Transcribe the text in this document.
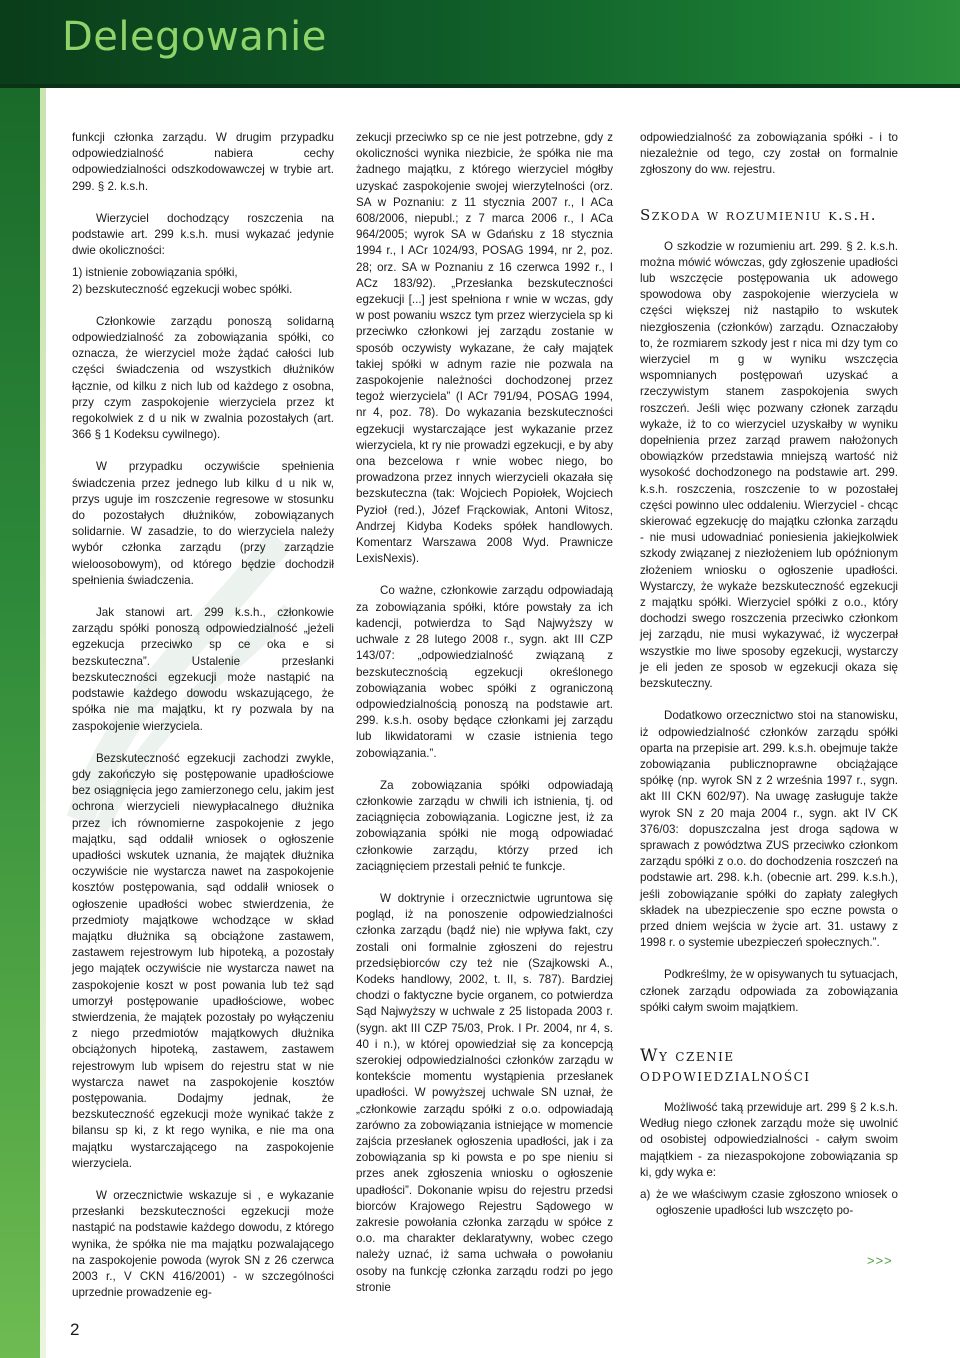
Delegowanie

funkcji członka zarządu. W drugim przypadku odpowiedzialność nabiera cechy odpowiedzialności odszkodowawczej w trybie art. 299. § 2. k.s.h.

Wierzyciel dochodzący roszczenia na podstawie art. 299 k.s.h. musi wykazać jedynie dwie okoliczności:

1) istnienie zobowiązania spółki,
2) bezskuteczność egzekucji wobec spółki.

Członkowie zarządu ponoszą solidarną odpowiedzialność za zobowiązania spółki, co oznacza, że wierzyciel może żądać całości lub części świadczenia od wszystkich dłużników łącznie, od kilku z nich lub od każdego z osobna, przy czym zaspokojenie wierzyciela przez kt regokolwiek z d u nik w zwalnia pozostałych (art. 366 § 1 Kodeksu cywilnego).

W przypadku oczywiście spełnienia świadczenia przez jednego lub kilku d u nik w, przys uguje im roszczenie regresowe w stosunku do pozostałych dłużników, zobowiązanych solidarnie. W zasadzie, to do wierzyciela należy wybór członka zarządu (przy zarządzie wieloosobowym), od którego będzie dochodził spełnienia świadczenia.

Jak stanowi art. 299 k.s.h., członkowie zarządu spółki ponoszą odpowiedzialność „jeżeli egzekucja przeciwko sp ce oka e si bezskuteczna”. Ustalenie przesłanki bezskuteczności egzekucji może nastąpić na podstawie każdego dowodu wskazującego, że spółka nie ma majątku, kt ry pozwala by na zaspokojenie wierzyciela.

Bezskuteczność egzekucji zachodzi zwykle, gdy zakończyło się postępowanie upadłościowe bez osiągnięcia jego zamierzonego celu, jakim jest ochrona wierzycieli niewypłacalnego dłużnika przez ich równomierne zaspokojenie z jego majątku, sąd oddalił wniosek o ogłoszenie upadłości wskutek uznania, że majątek dłużnika oczywiście nie wystarcza nawet na zaspokojenie kosztów postępowania, sąd oddalił wniosek o ogłoszenie upadłości wobec stwierdzenia, że przedmioty majątkowe wchodzące w skład majątku dłużnika są obciążone zastawem, zastawem rejestrowym lub hipoteką, a pozostały jego majątek oczywiście nie wystarcza nawet na zaspokojenie koszt w post powania lub też sąd umorzył postępowanie upadłościowe, wobec stwierdzenia, że majątek pozostały po wyłączeniu z niego przedmiotów majątkowych dłużnika obciążonych hipoteką, zastawem, zastawem rejestrowym lub wpisem do rejestru stat w nie wystarcza nawet na zaspokojenie kosztów postępowania. Dodajmy jednak, że bezskuteczność egzekucji może wynikać także z bilansu sp ki, z kt rego wynika, e nie ma ona majątku wystarczającego na zaspokojenie wierzyciela.

W orzecznictwie wskazuje si , e wykazanie przesłanki bezskuteczności egzekucji może nastąpić na podstawie każdego dowodu, z którego wynika, że spółka nie ma majątku pozwalającego na zaspokojenie powoda (wyrok SN z 26 czerwca 2003 r., V CKN 416/2001) - w szczególności uprzednie prowadzenie eg-

zekucji przeciwko sp ce nie jest potrzebne, gdy z okoliczności wynika niezbicie, że spółka nie ma żadnego majątku, z którego wierzyciel mógłby uzyskać zaspokojenie swojej wierzytelności (orz. SA w Poznaniu: z 11 stycznia 2007 r., I ACa 608/2006, niepubl.; z 7 marca 2006 r., I ACa 964/2005; wyrok SA w Gdańsku z 18 stycznia 1994 r., I ACr 1024/93, POSAG 1994, nr 2, poz. 28; orz. SA w Poznaniu z 16 czerwca 1992 r., I ACz 183/92). „Przesłanka bezskuteczności egzekucji [...] jest spełniona r wnie w wczas, gdy w post powaniu wszcz tym przez wierzyciela sp ki przeciwko członkowi jej zarządu zostanie w sposób oczywisty wykazane, że cały majątek takiej spółki w adnym razie nie pozwala na zaspokojenie należności dochodzonej przez tegoż wierzyciela” (I ACr 791/94, POSAG 1994, nr 4, poz. 78). Do wykazania bezskuteczności egzekucji wystarczające jest wykazanie przez wierzyciela, kt ry nie prowadzi egzekucji, e by aby ona bezcelowa r wnie wobec niego, bo prowadzona przez innych wierzycieli okazała się bezskuteczna (tak: Wojciech Popiołek, Wojciech Pyzioł (red.), Józef Frąckowiak, Antoni Witosz, Andrzej Kidyba Kodeks spółek handlowych. Komentarz Warszawa 2008 Wyd. Prawnicze LexisNexis).

Co ważne, członkowie zarządu odpowiadają za zobowiązania spółki, które powstały za ich kadencji, potwierdza to Sąd Najwyższy w uchwale z 28 lutego 2008 r., sygn. akt III CZP 143/07: „odpowiedzialność związaną z bezskutecznością egzekucji określonego zobowiązania wobec spółki z ograniczoną odpowiedzialnością ponoszą na podstawie art. 299. k.s.h. osoby będące członkami jej zarządu lub likwidatorami w czasie istnienia tego zobowiązania.”.

Za zobowiązania spółki odpowiadają członkowie zarządu w chwili ich istnienia, tj. od zaciągnięcia zobowiązania. Logiczne jest, iż za zobowiązania spółki nie mogą odpowiadać członkowie zarządu, którzy przed ich zaciągnięciem przestali pełnić te funkcje.

W doktrynie i orzecznictwie ugruntowa się pogląd, iż na ponoszenie odpowiedzialności członka zarządu (bądź nie) nie wpływa fakt, czy zostali oni formalnie zgłoszeni do rejestru przedsiębiorców czy też nie (Szajkowski A., Kodeks handlowy, 2002, t. II, s. 787). Bardziej chodzi o faktyczne bycie organem, co potwierdza Sąd Najwyższy w uchwale z 25 listopada 2003 r. (sygn. akt III CZP 75/03, Prok. I Pr. 2004, nr 4, s. 40 i n.), w której opowiedział się za koncepcją szerokiej odpowiedzialności członków zarządu w kontekście momentu wystąpienia przesłanek upadłości. W powyższej uchwale SN uznał, że „członkowie zarządu spółki z o.o. odpowiadają zarówno za zobowiązania istniejące w momencie zajścia przesłanek ogłoszenia upadłości, jak i za zobowiązania sp ki powsta e po spe nieniu si przes anek zgłoszenia wniosku o ogłoszenie upadłości”. Dokonanie wpisu do rejestru przedsi biorców Krajowego Rejestru Sądowego w zakresie powołania członka zarządu w spółce z o.o. ma charakter deklaratywny, wobec czego należy uznać, iż sama uchwała o powołaniu osoby na funkcję członka zarządu rodzi po jego stronie

odpowiedzialność za zobowiązania spółki - i to niezależnie od tego, czy został on formalnie zgłoszony do ww. rejestru.

Szkoda w rozumieniu k.s.h.

O szkodzie w rozumieniu art. 299. § 2. k.s.h. można mówić wówczas, gdy zgłoszenie upadłości lub wszczęcie postępowania uk adowego spowodowa oby zaspokojenie wierzyciela w części większej niż nastąpiło to wskutek niezgłoszenia (członków) zarządu. Oznaczałoby to, że rozmiarem szkody jest r nica mi dzy tym co wierzyciel m g w wyniku wszczęcia wspomnianych postępowań uzyskać a rzeczywistym stanem zaspokojenia swych roszczeń. Jeśli więc pozwany członek zarządu wykaże, iż to co wierzyciel uzyskałby w wyniku dopełnienia przez zarząd prawem nałożonych obowiązków przedstawia mniejszą wartość niż wysokość dochodzonego na podstawie art. 299. k.s.h. roszczenia, roszczenie to w pozostałej części powinno ulec oddaleniu. Wierzyciel - chcąc skierować egzekucję do majątku członka zarządu - nie musi udowadniać poniesienia jakiejkolwiek szkody związanej z niezłożeniem lub opóźnionym złożeniem wniosku o ogłoszenie upadłości. Wystarczy, że wykaże bezskuteczność egzekucji z majątku spółki. Wierzyciel spółki z o.o., który dochodzi swego roszczenia przeciwko członkom jej zarządu, nie musi wykazywać, iż wyczerpał wszystkie mo liwe sposoby egzekucji, wystarczy je eli jeden ze sposob w egzekucji okaza się bezskuteczny.

Dodatkowo orzecznictwo stoi na stanowisku, iż odpowiedzialność członków zarządu spółki oparta na przepisie art. 299. k.s.h. obejmuje także zobowiązania publicznoprawne obciążające spółkę (np. wyrok SN z 2 września 1997 r., sygn. akt III CKN 602/97). Na uwagę zasługuje także wyrok SN z 20 maja 2004 r., sygn. akt IV CK 376/03: dopuszczalna jest droga sądowa w sprawach z powództwa ZUS przeciwko członkom zarządu spółki z o.o. do dochodzenia roszczeń na podstawie art. 298. k.h. (obecnie art. 299. k.s.h.), jeśli zobowiązanie spółki do zapłaty zaległych składek na ubezpieczenie spo eczne powsta o przed dniem wejścia w życie art. 31. ustawy z 1998 r. o systemie ubezpieczeń społecznych.”.

Podkreślmy, że w opisywanych tu sytuacjach, członek zarządu odpowiada za zobowiązania spółki całym swoim majątkiem.

Wy czenie
odpowiedzialności

Możliwość taką przewiduje art. 299 § 2 k.s.h. Według niego członek zarządu może się uwolnić od osobistej odpowiedzialności - całym swoim majątkiem - za niezaspokojone zobowiązania sp ki, gdy wyka e:

a) że we właściwym czasie zgłoszono wniosek o ogłoszenie upadłości lub wszczęto po-
>>>
2
